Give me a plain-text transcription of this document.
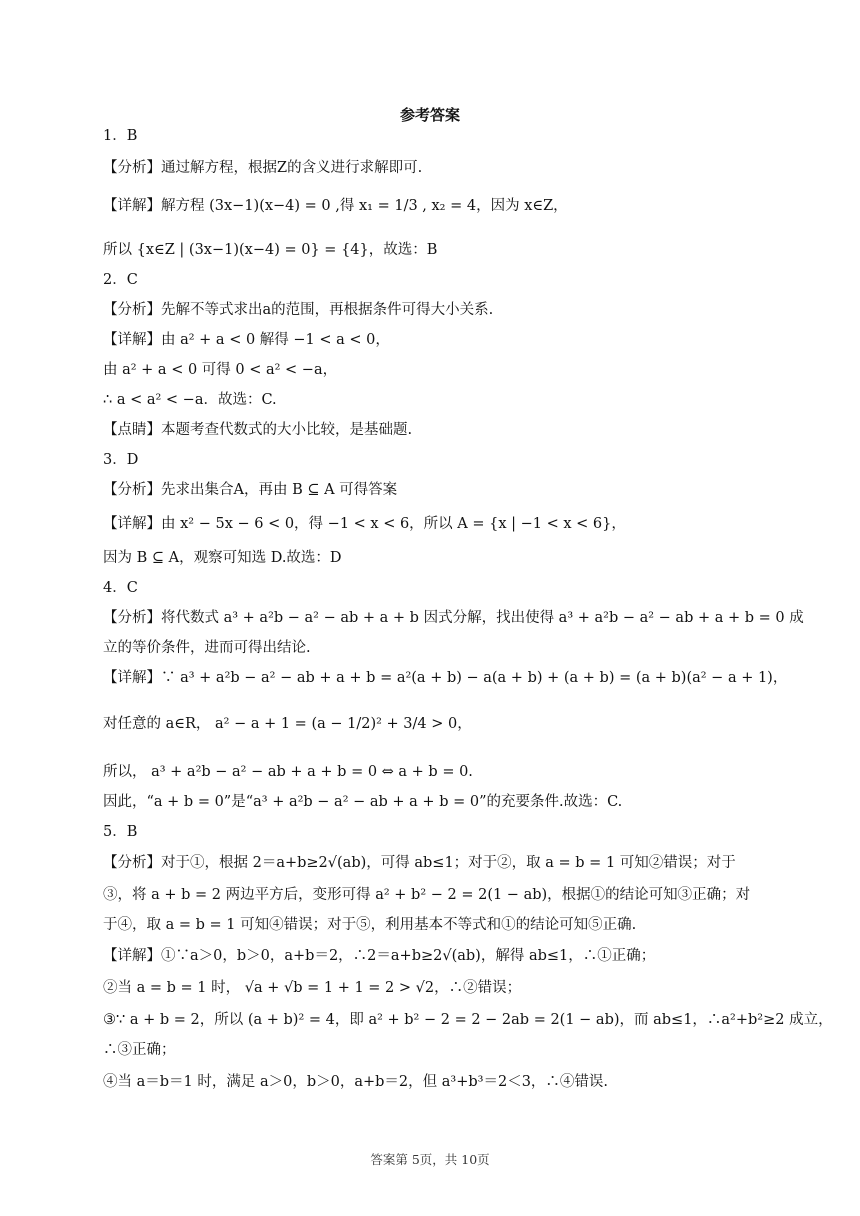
参考答案
1．B
【分析】通过解方程，根据Z的含义进行求解即可.
【详解】解方程 (3x−1)(x−4) = 0 ,得 x₁ = 1/3 , x₂ = 4，因为 x∈Z，
所以 {x∈Z | (3x−1)(x−4) = 0} = {4}，故选：B
2．C
【分析】先解不等式求出a的范围，再根据条件可得大小关系.
【详解】由 a² + a < 0 解得 −1 < a < 0，
由 a² + a < 0 可得 0 < a² < −a，
∴ a < a² < −a．故选：C.
【点睛】本题考查代数式的大小比较，是基础题.
3．D
【分析】先求出集合A，再由 B ⊆ A 可得答案
【详解】由 x² − 5x − 6 < 0，得 −1 < x < 6，所以 A = {x | −1 < x < 6}，
因为 B ⊆ A，观察可知选 D.故选：D
4．C
【分析】将代数式 a³ + a²b − a² − ab + a + b 因式分解，找出使得 a³ + a²b − a² − ab + a + b = 0 成
立的等价条件，进而可得出结论.
【详解】∵ a³ + a²b − a² − ab + a + b = a²(a + b) − a(a + b) + (a + b) = (a + b)(a² − a + 1)，
对任意的 a∈R， a² − a + 1 = (a − 1/2)² + 3/4 > 0，
所以， a³ + a²b − a² − ab + a + b = 0 ⇔ a + b = 0.
因此，“a + b = 0”是“a³ + a²b − a² − ab + a + b = 0”的充要条件.故选：C.
5．B
【分析】对于①，根据 2＝a+b≥2√(ab)，可得 ab≤1；对于②，取 a = b = 1 可知②错误；对于
③，将 a + b = 2 两边平方后，变形可得 a² + b² − 2 = 2(1 − ab)，根据①的结论可知③正确；对
于④，取 a = b = 1 可知④错误；对于⑤，利用基本不等式和①的结论可知⑤正确.
【详解】①∵a＞0，b＞0，a+b＝2，∴2＝a+b≥2√(ab)，解得 ab≤1，∴①正确；
②当 a = b = 1 时， √a + √b = 1 + 1 = 2 > √2，∴②错误；
③∵ a + b = 2，所以 (a + b)² = 4，即 a² + b² − 2 = 2 − 2ab = 2(1 − ab)，而 ab≤1，∴a²+b²≥2 成立，
∴③正确；
④当 a＝b＝1 时，满足 a＞0，b＞0，a+b＝2，但 a³+b³＝2＜3，∴④错误.
答案第 5页，共 10页
